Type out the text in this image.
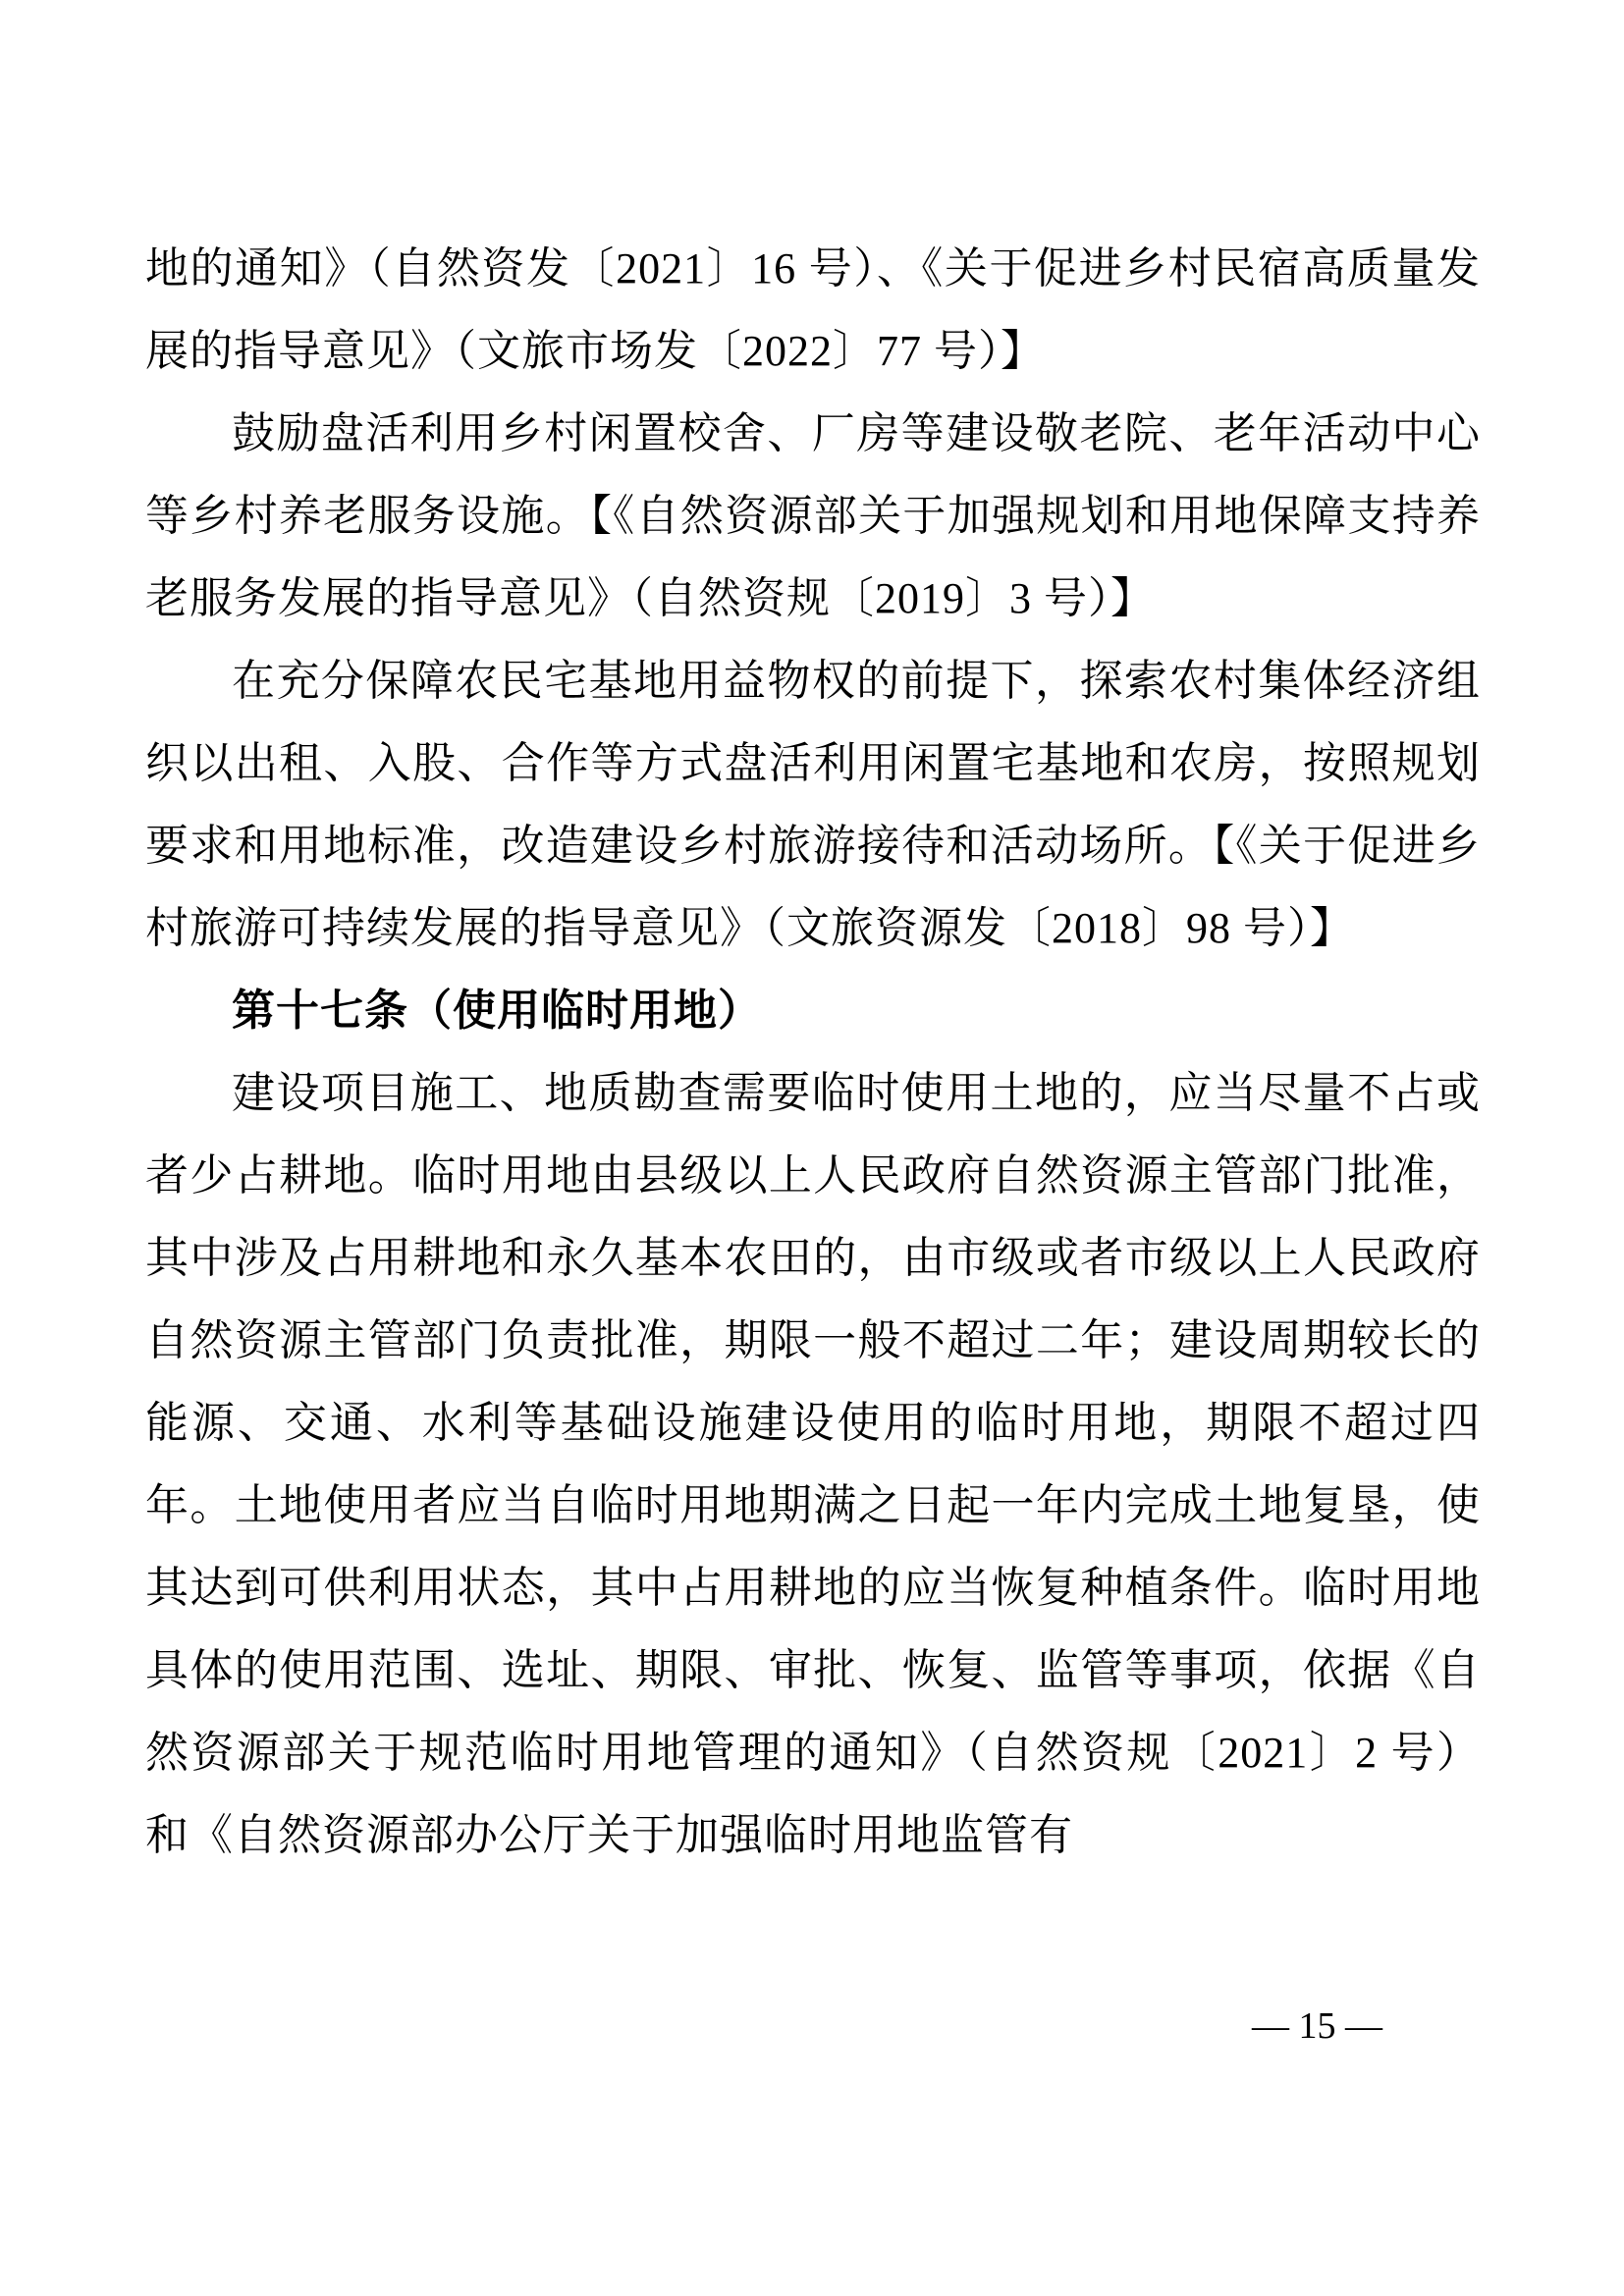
地的通知》（自然资发〔2021〕16 号）、《关于促进乡村民宿高质量发展的指导意见》（文旅市场发〔2022〕77 号）】

鼓励盘活利用乡村闲置校舍、厂房等建设敬老院、老年活动中心等乡村养老服务设施。【《自然资源部关于加强规划和用地保障支持养老服务发展的指导意见》（自然资规〔2019〕3 号）】

在充分保障农民宅基地用益物权的前提下，探索农村集体经济组织以出租、入股、合作等方式盘活利用闲置宅基地和农房，按照规划要求和用地标准，改造建设乡村旅游接待和活动场所。【《关于促进乡村旅游可持续发展的指导意见》（文旅资源发〔2018〕98 号）】

第十七条（使用临时用地）

建设项目施工、地质勘查需要临时使用土地的，应当尽量不占或者少占耕地。临时用地由县级以上人民政府自然资源主管部门批准，其中涉及占用耕地和永久基本农田的，由市级或者市级以上人民政府自然资源主管部门负责批准，期限一般不超过二年；建设周期较长的能源、交通、水利等基础设施建设使用的临时用地，期限不超过四年。土地使用者应当自临时用地期满之日起一年内完成土地复垦，使其达到可供利用状态，其中占用耕地的应当恢复种植条件。临时用地具体的使用范围、选址、期限、审批、恢复、监管等事项，依据《自然资源部关于规范临时用地管理的通知》（自然资规〔2021〕2 号）和《自然资源部办公厅关于加强临时用地监管有

— 15 —
